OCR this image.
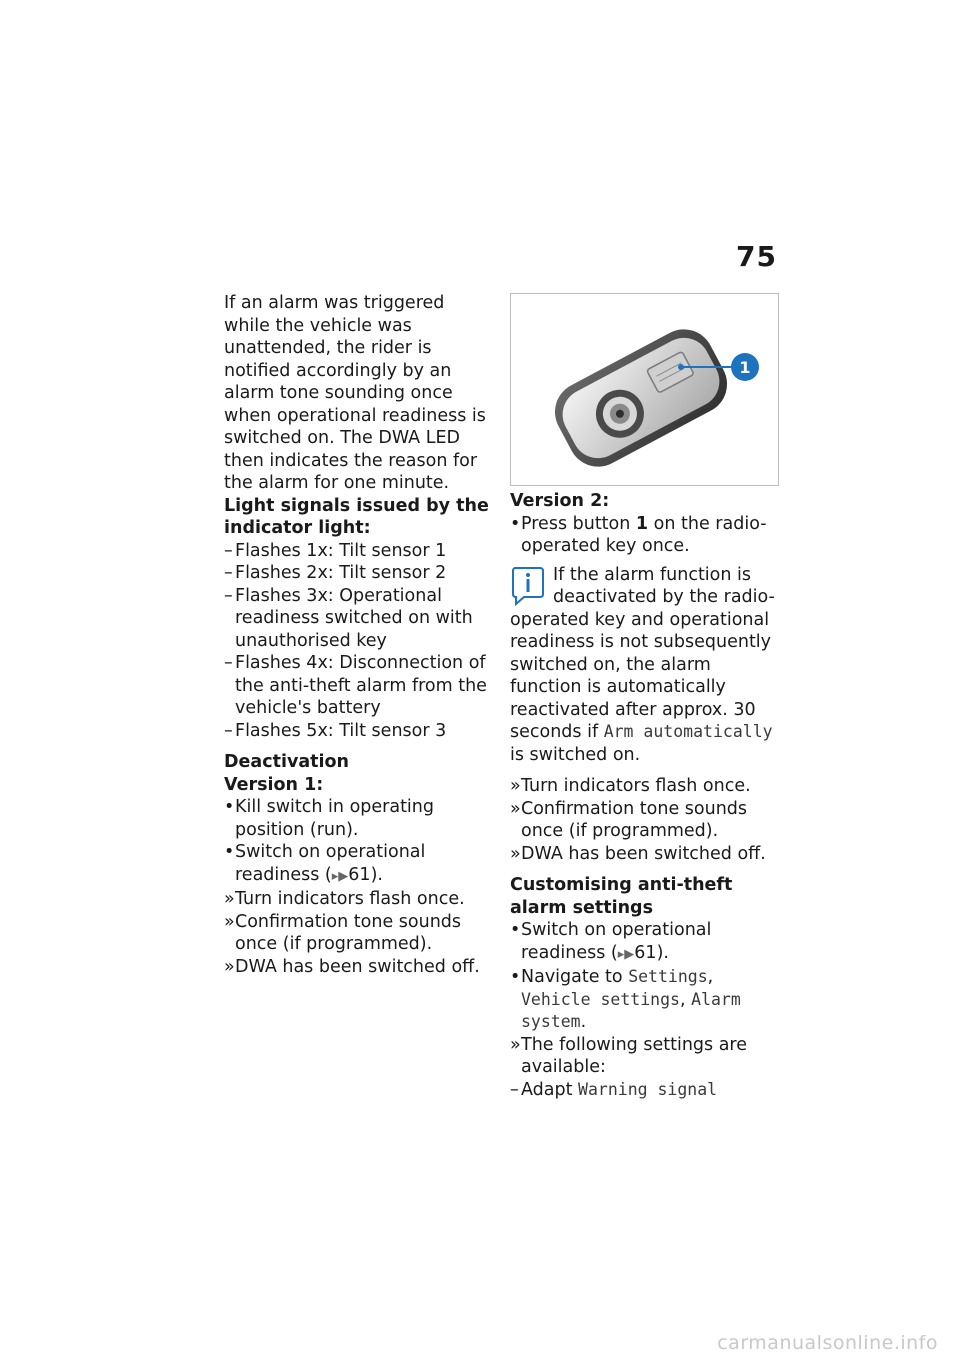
75

If an alarm was triggered while the vehicle was unattended, the rider is notified accordingly by an alarm tone sounding once when operational readiness is switched on. The DWA LED then indicates the reason for the alarm for one minute.

Light signals issued by the indicator light:

– Flashes 1x: Tilt sensor 1
– Flashes 2x: Tilt sensor 2
– Flashes 3x: Operational readiness switched on with unauthorised key
– Flashes 4x: Disconnection of the anti-theft alarm from the vehicle's battery
– Flashes 5x: Tilt sensor 3

Deactivation

Version 1:

• Kill switch in operating position (run).
• Switch on operational readiness (▸▶61).
» Turn indicators flash once.
» Confirmation tone sounds once (if programmed).
» DWA has been switched off.
1

Version 2:

• Press button 1 on the radio-operated key once.

If the alarm function is deactivated by the radio-

operated key and operational readiness is not subsequently switched on, the alarm function is automatically reactivated after approx. 30 seconds if Arm automatically is switched on.

» Turn indicators flash once.
» Confirmation tone sounds once (if programmed).
» DWA has been switched off.

Customising anti-theft alarm settings

• Switch on operational readiness (▸▶61).
• Navigate to Settings, Vehicle settings, Alarm system.
» The following settings are available:
– Adapt Warning signal
carmanualsonline.info
